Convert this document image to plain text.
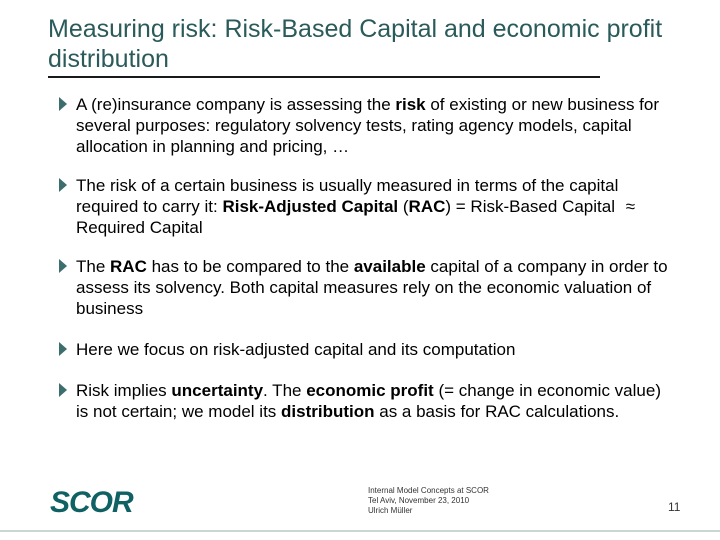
Measuring risk: Risk-Based Capital and economic profit distribution
A (re)insurance company is assessing the risk of existing or new business for several purposes: regulatory solvency tests, rating agency models, capital allocation in planning and pricing, …
The risk of a certain business is usually measured in terms of the capital required to carry it: Risk-Adjusted Capital (RAC) = Risk-Based Capital ≈ Required Capital
The RAC has to be compared to the available capital of a company in order to assess its solvency. Both capital measures rely on the economic valuation of business
Here we focus on risk-adjusted capital and its computation
Risk implies uncertainty. The economic profit (= change in economic value) is not certain; we model its distribution as a basis for RAC calculations.
SCOR	Internal Model Concepts at SCOR
Tel Aviv, November 23, 2010
Ulrich Müller	11
